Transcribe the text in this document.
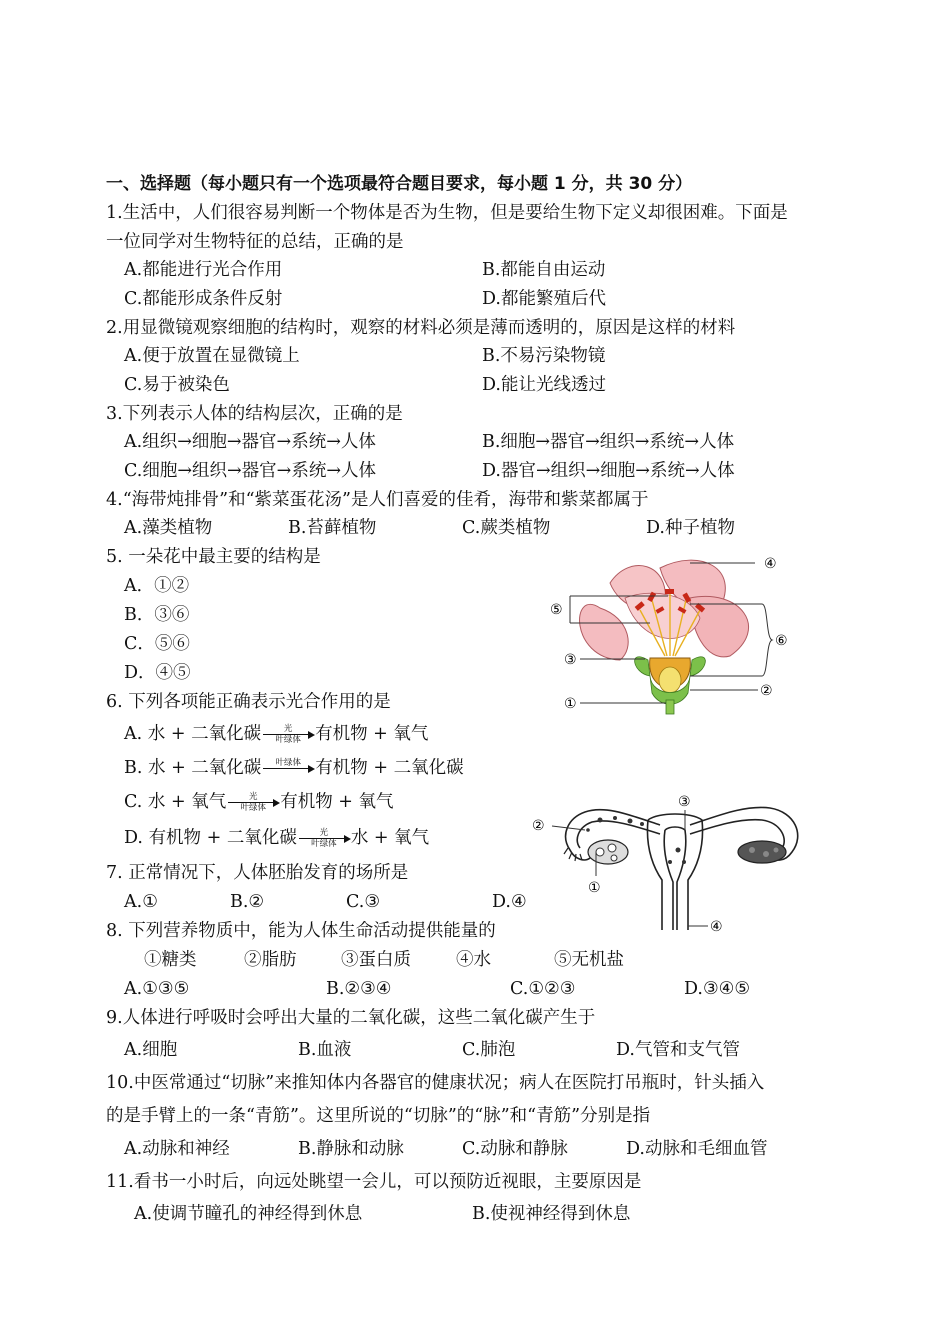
一、选择题（每小题只有一个选项最符合题目要求，每小题 1 分，共 30 分）
1.生活中，人们很容易判断一个物体是否为生物，但是要给生物下定义却很困难。下面是
一位同学对生物特征的总结，正确的是
A.都能进行光合作用	B.都能自由运动
C.都能形成条件反射	D.都能繁殖后代
2.用显微镜观察细胞的结构时，观察的材料必须是薄而透明的，原因是这样的材料
A.便于放置在显微镜上	B.不易污染物镜
C.易于被染色	D.能让光线透过
3.下列表示人体的结构层次，正确的是
A.组织→细胞→器官→系统→人体	B.细胞→器官→组织→系统→人体
C.细胞→组织→器官→系统→人体	D.器官→组织→细胞→系统→人体
4.“海带炖排骨”和“紫菜蛋花汤”是人们喜爱的佳肴，海带和紫菜都属于
A.藻类植物	B.苔藓植物	C.蕨类植物	D.种子植物
5. 一朵花中最主要的结构是
A．①②
B．③⑥
C．⑤⑥
D．④⑤
④
⑤
⑥
③
②
①
6. 下列各项能正确表示光合作用的是
A. 水 + 二氧化碳	光
叶绿体 有机物 + 氧气
B. 水 + 二氧化碳	叶绿体
有机物 + 二氧化碳
C. 水 + 氧气	光
叶绿体 有机物 + 氧气
D. 有机物 + 二氧化碳	光
叶绿体 水 + 氧气
③
②
①
④
7. 正常情况下，人体胚胎发育的场所是
A.①	B.②	C.③	D.④
8. 下列营养物质中，能为人体生命活动提供能量的
①糖类	②脂肪	③蛋白质	④水	⑤无机盐
A.①③⑤	B.②③④	C.①②③	D.③④⑤
9.人体进行呼吸时会呼出大量的二氧化碳，这些二氧化碳产生于
A.细胞	B.血液	C.肺泡	D.气管和支气管
10.中医常通过“切脉”来推知体内各器官的健康状况；病人在医院打吊瓶时，针头插入
的是手臂上的一条“青筋”。这里所说的“切脉”的“脉”和“青筋”分别是指
A.动脉和神经	B.静脉和动脉	C.动脉和静脉	D.动脉和毛细血管
11.看书一小时后，向远处眺望一会儿，可以预防近视眼，主要原因是
A.使调节瞳孔的神经得到休息	B.使视神经得到休息
